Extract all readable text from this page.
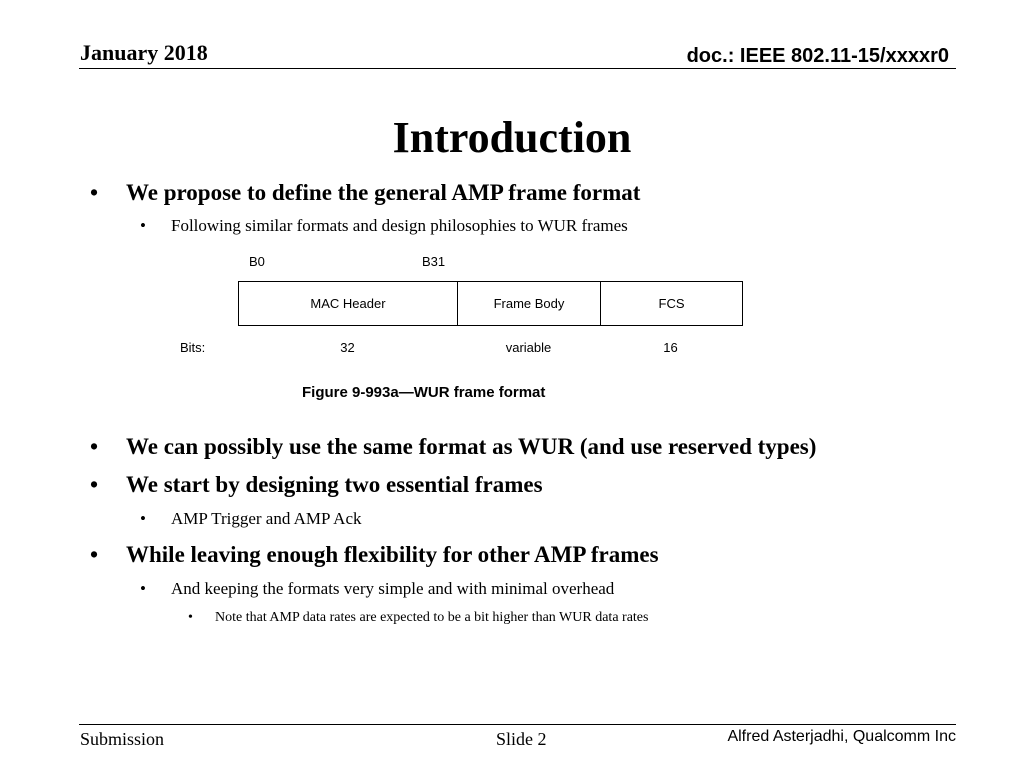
January 2018	doc.: IEEE 802.11-15/xxxxr0
Introduction
• We propose to define the general AMP frame format
• Following similar formats and design philosophies to WUR frames
B0	B31
MAC Header	Frame Body	FCS
Bits:	32	variable	16
Figure 9-993a—WUR frame format
• We can possibly use the same format as WUR (and use reserved types)
• We start by designing two essential frames
• AMP Trigger and AMP Ack
• While leaving enough flexibility for other AMP frames
• And keeping the formats very simple and with minimal overhead
• Note that AMP data rates are expected to be a bit higher than WUR data rates
Submission	Slide 2	Alfred Asterjadhi, Qualcomm Inc
